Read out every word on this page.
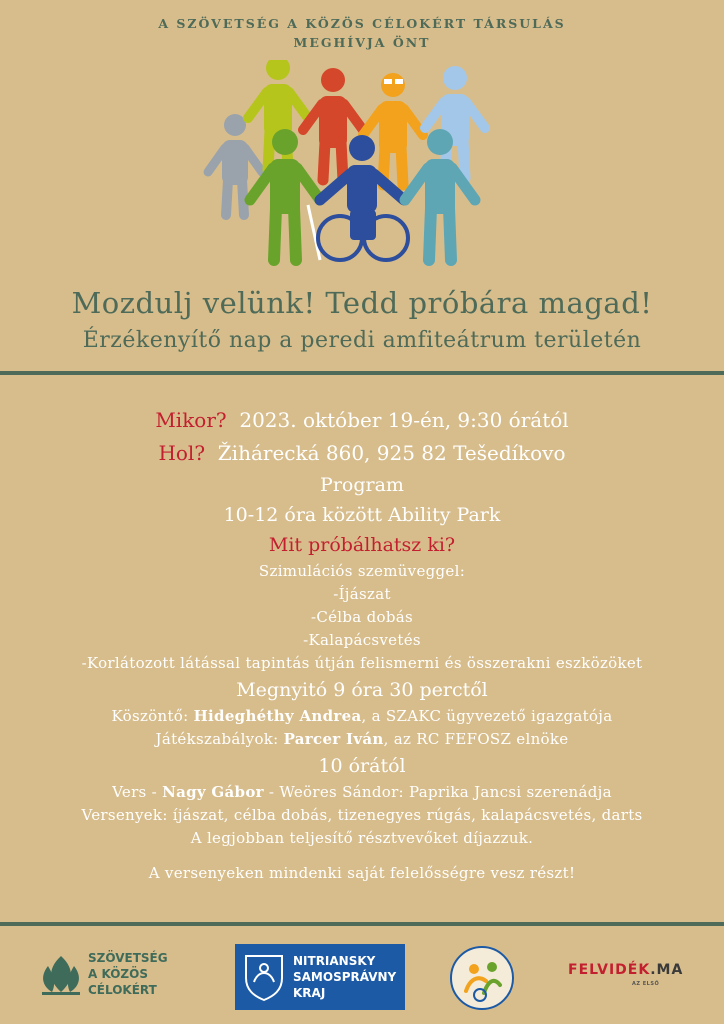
A SZÖVETSÉG A KÖZÖS CÉLOKÉRT TÁRSULÁS
MEGHÍVJA ÖNT
Mozdulj velünk! Tedd próbára magad!
Érzékenyítő nap a peredi amfiteátrum területén
Mikor? 2023. október 19-én, 9:30 órától
Hol? Žihárecká 860, 925 82 Tešedíkovo
Program
10-12 óra között Ability Park
Mit próbálhatsz ki?
Szimulációs szemüveggel:
-Íjászat
-Célba dobás
-Kalapácsvetés
-Korlátozott látással tapintás útján felismerni és összerakni eszközöket
Megnyitó 9 óra 30 perctől
Köszöntő: Hideghéthy Andrea, a SZAKC ügyvezető igazgatója
Játékszabályok: Parcer Iván, az RC FEFOSZ elnöke
10 órától
Vers - Nagy Gábor - Weöres Sándor: Paprika Jancsi szerenádja
Versenyek: íjászat, célba dobás, tizenegyes rúgás, kalapácsvetés, darts
A legjobban teljesítő résztvevőket díjazzuk.
A versenyeken mindenki saját felelősségre vesz részt!
SZÖVETSÉG
A KÖZÖS
CÉLOKÉRT
NITRIANSKY
SAMOSPRÁVNY
KRAJ
FELVIDÉK.MA
AZ ELSŐ
